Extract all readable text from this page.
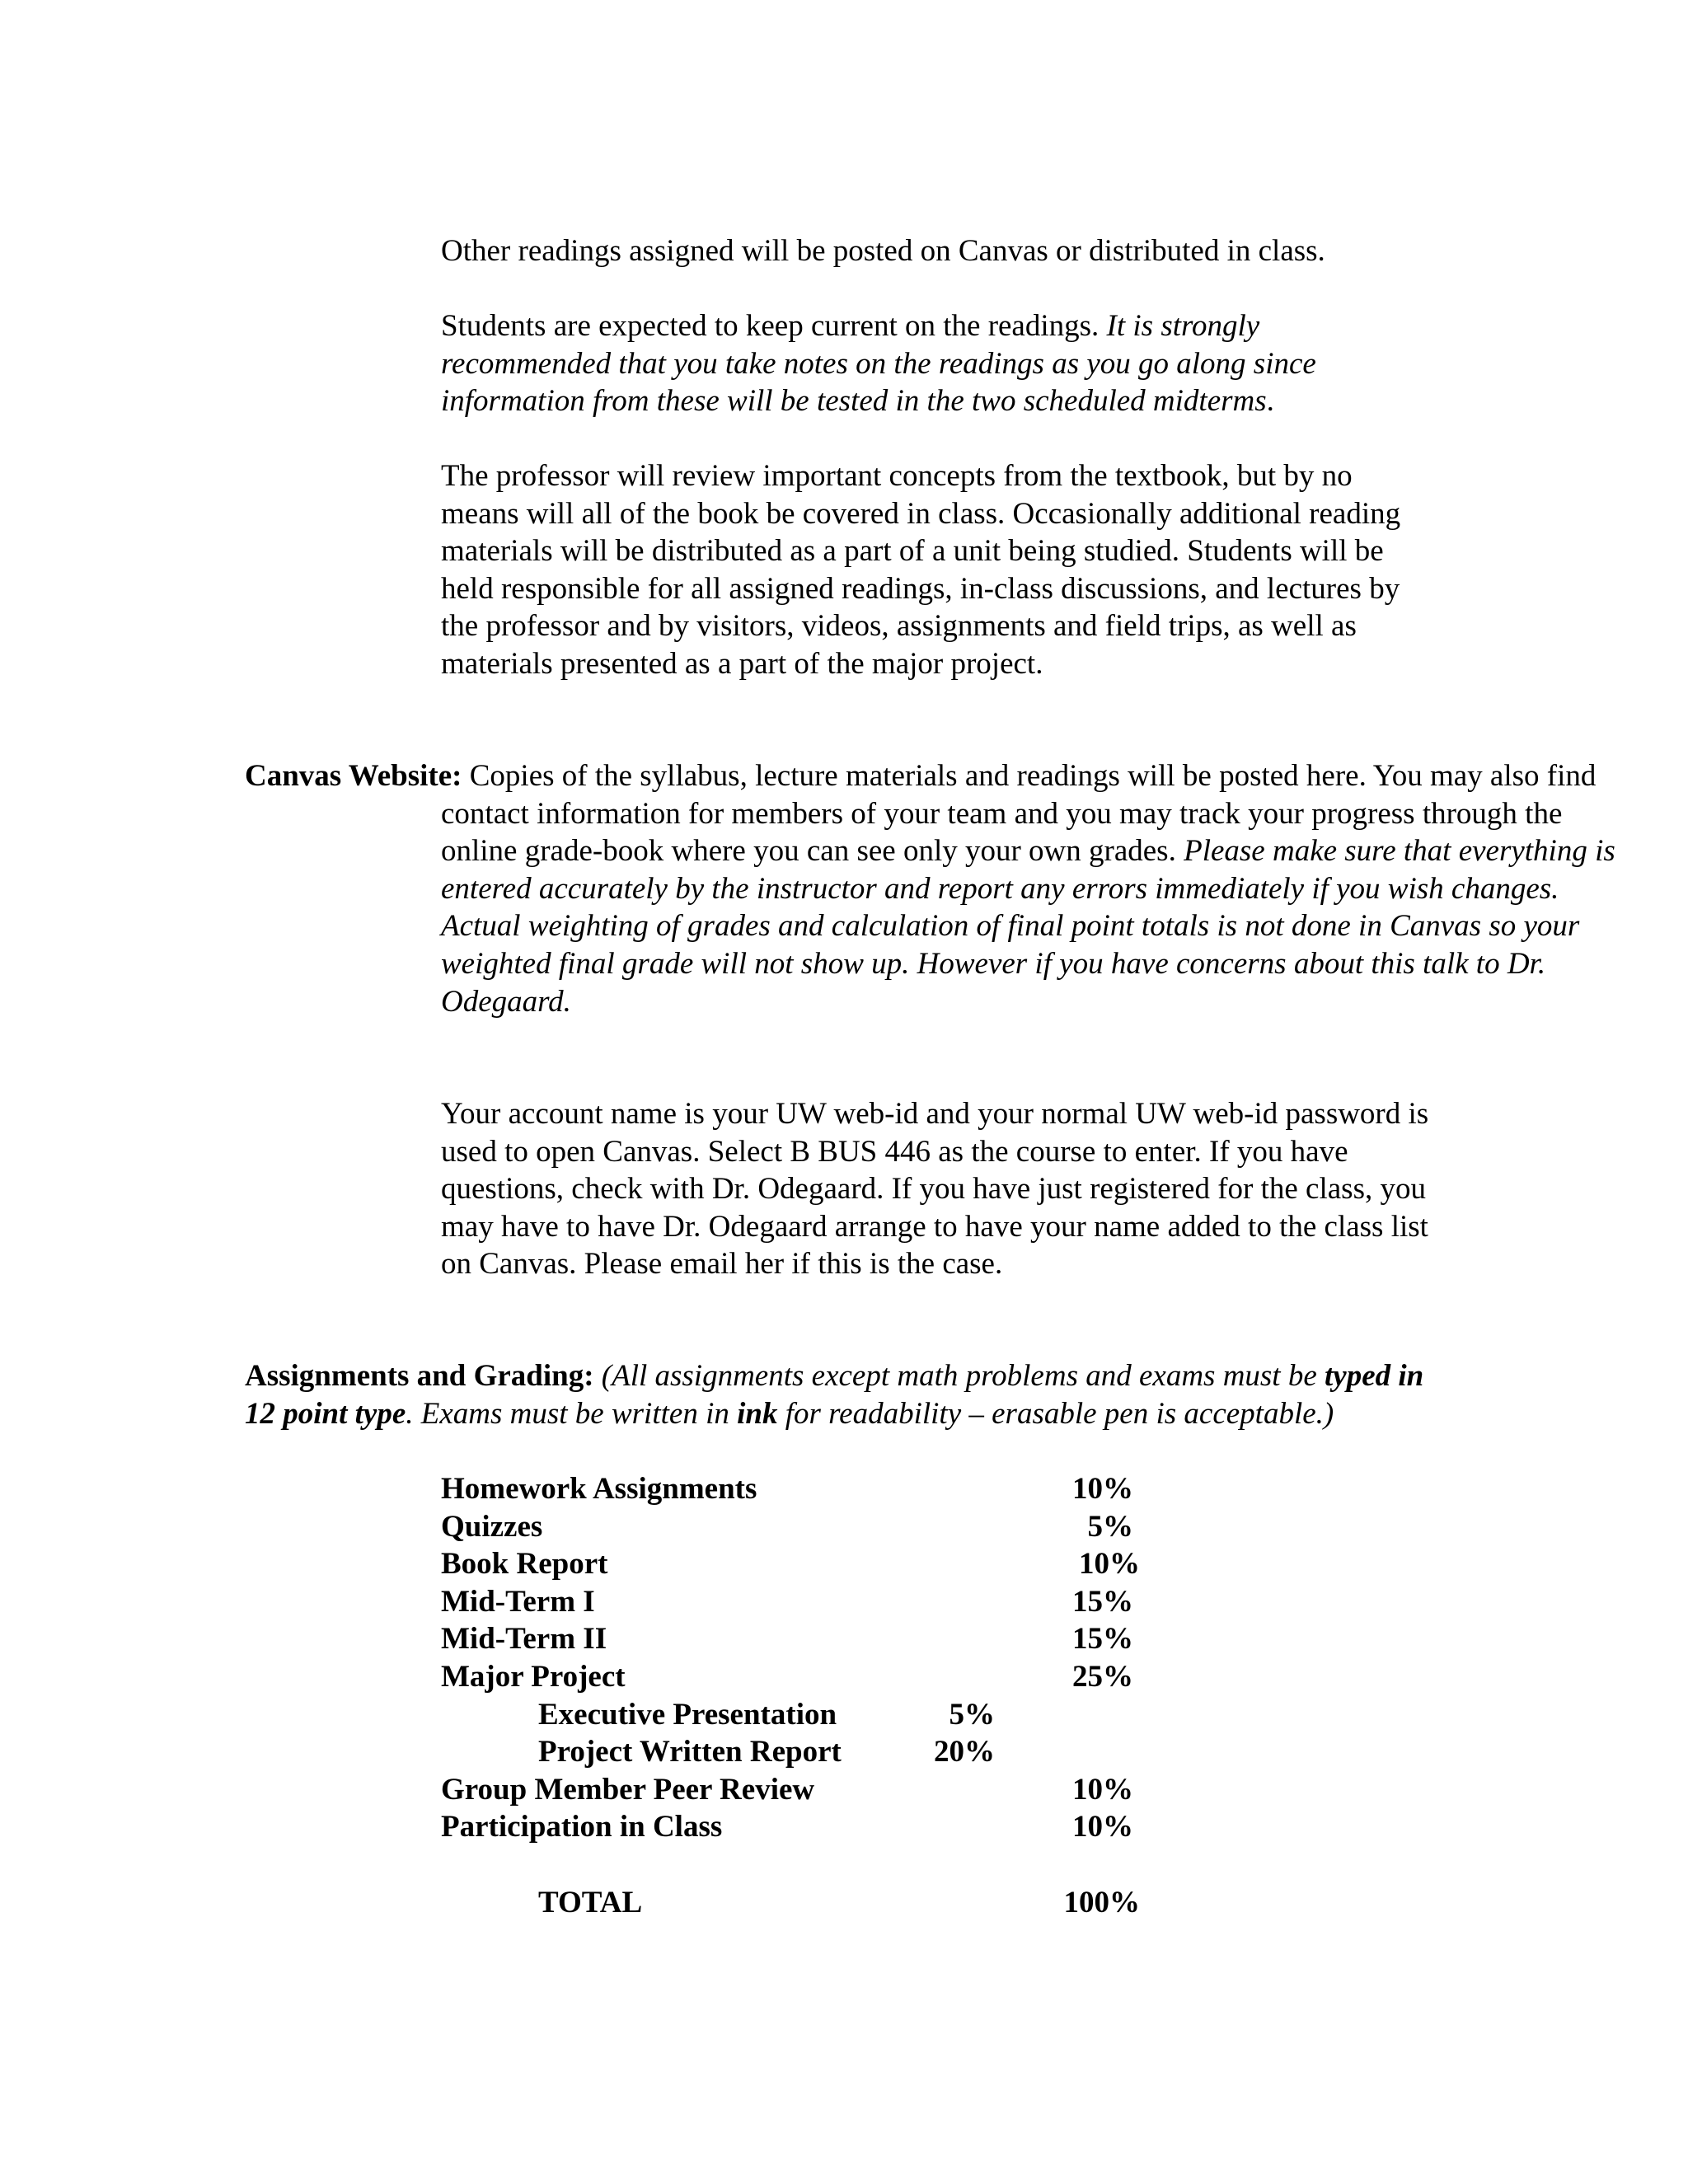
Other readings assigned will be posted on Canvas or distributed in class.

Students are expected to keep current on the readings. It is strongly recommended that you take notes on the readings as you go along since information from these will be tested in the two scheduled midterms.

The professor will review important concepts from the textbook, but by no means will all of the book be covered in class. Occasionally additional reading materials will be distributed as a part of a unit being studied. Students will be held responsible for all assigned readings, in-class discussions, and lectures by the professor and by visitors, videos, assignments and field trips, as well as materials presented as a part of the major project.

Canvas Website: Copies of the syllabus, lecture materials and readings will be posted here. You may also find contact information for members of your team and you may track your progress through the online grade-book where you can see only your own grades. Please make sure that everything is entered accurately by the instructor and report any errors immediately if you wish changes. Actual weighting of grades and calculation of final point totals is not done in Canvas so your weighted final grade will not show up. However if you have concerns about this talk to Dr. Odegaard.

Your account name is your UW web-id and your normal UW web-id password is used to open Canvas. Select B BUS 446 as the course to enter. If you have questions, check with Dr. Odegaard. If you have just registered for the class, you may have to have Dr. Odegaard arrange to have your name added to the class list on Canvas. Please email her if this is the case.

Assignments and Grading: (All assignments except math problems and exams must be typed in 12 point type. Exams must be written in ink for readability – erasable pen is acceptable.)

Homework Assignments	10%
Quizzes	5%
Book Report	10%
Mid-Term I	15%
Mid-Term II	15%
Major Project	25%
Executive Presentation	5%
Project Written Report	20%
Group Member Peer Review	10%
Participation in Class	10%
TOTAL	100%
